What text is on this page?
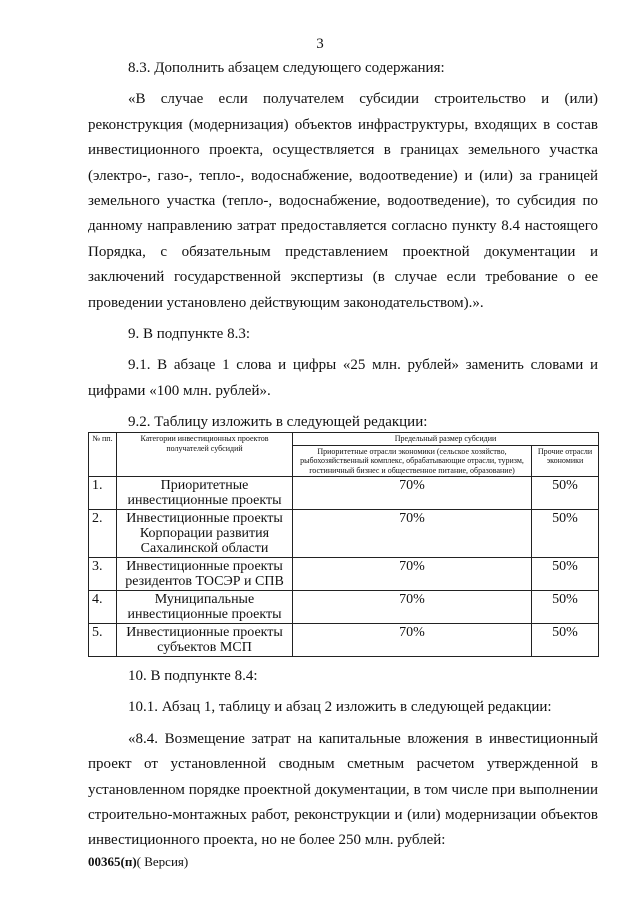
3

8.3. Дополнить абзацем следующего содержания:

«В случае если получателем субсидии строительство и (или) реконструкция (модернизация) объектов инфраструктуры, входящих в состав инвестиционного проекта, осуществляется в границах земельного участка (электро-, газо-, тепло-, водоснабжение, водоотведение) и (или) за границей земельного участка (тепло-, водоснабжение, водоотведение), то субсидия по данному направлению затрат предоставляется согласно пункту 8.4 настоящего Порядка, с обязательным представлением проектной документации и заключений государственной экспертизы (в случае если требование о ее проведении установлено действующим законодательством).».

9. В подпункте 8.3:

9.1. В абзаце 1 слова и цифры «25 млн. рублей» заменить словами и цифрами «100 млн. рублей».

9.2. Таблицу изложить в следующей редакции:

№ пп.	Категории инвестиционных проектов получателей субсидий	Предельный размер субсидии	
		Приоритетные отрасли экономики (сельское хозяйство, рыбохозяйственный комплекс, обрабатывающие отрасли, туризм, гостиничный бизнес и общественное питание, образование)	Прочие отрасли экономики
1.	Приоритетные инвестиционные проекты	70%	50%
2.	Инвестиционные проекты Корпорации развития Сахалинской области	70%	50%
3.	Инвестиционные проекты резидентов ТОСЭР и СПВ	70%	50%
4.	Муниципальные инвестиционные проекты	70%	50%
5.	Инвестиционные проекты субъектов МСП	70%	50%

10. В подпункте 8.4:

10.1. Абзац 1, таблицу и абзац 2 изложить в следующей редакции:

«8.4. Возмещение затрат на капитальные вложения в инвестиционный проект от установленной сводным сметным расчетом утвержденной в установленном порядке проектной документации, в том числе при выполнении строительно-монтажных работ, реконструкции и (или) модернизации объектов инвестиционного проекта, но не более 250 млн. рублей:

00365(п)( Версия)
